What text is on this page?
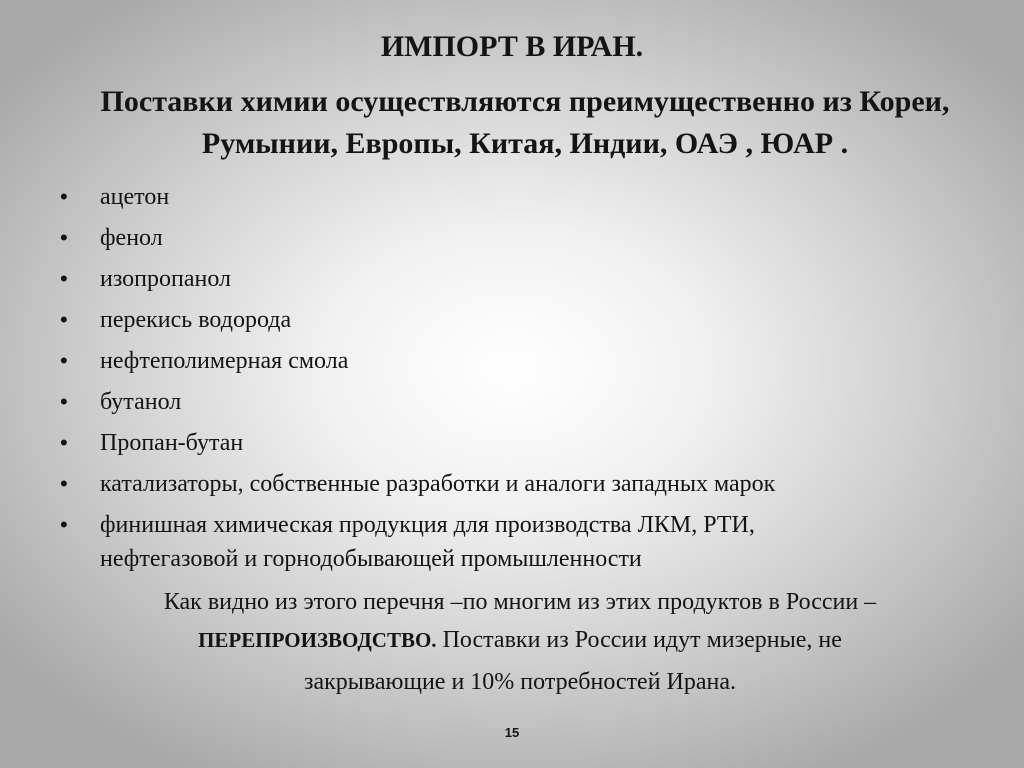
ИМПОРТ В ИРАН.
Поставки химии осуществляются преимущественно из Кореи,
Румынии, Европы, Китая, Индии, ОАЭ , ЮАР .
• ацетон
• фенол
• изопропанол
• перекись водорода
• нефтеполимерная смола
• бутанол
• Пропан-бутан
• катализаторы, собственные разработки и аналоги западных марок
• финишная химическая продукция для производства ЛКМ, РТИ,
нефтегазовой и горнодобывающей промышленности

Как видно из этого перечня –по многим из этих продуктов в России –
ПЕРЕПРОИЗВОДСТВО. Поставки из России идут мизерные, не
закрывающие и 10% потребностей Ирана.

15
